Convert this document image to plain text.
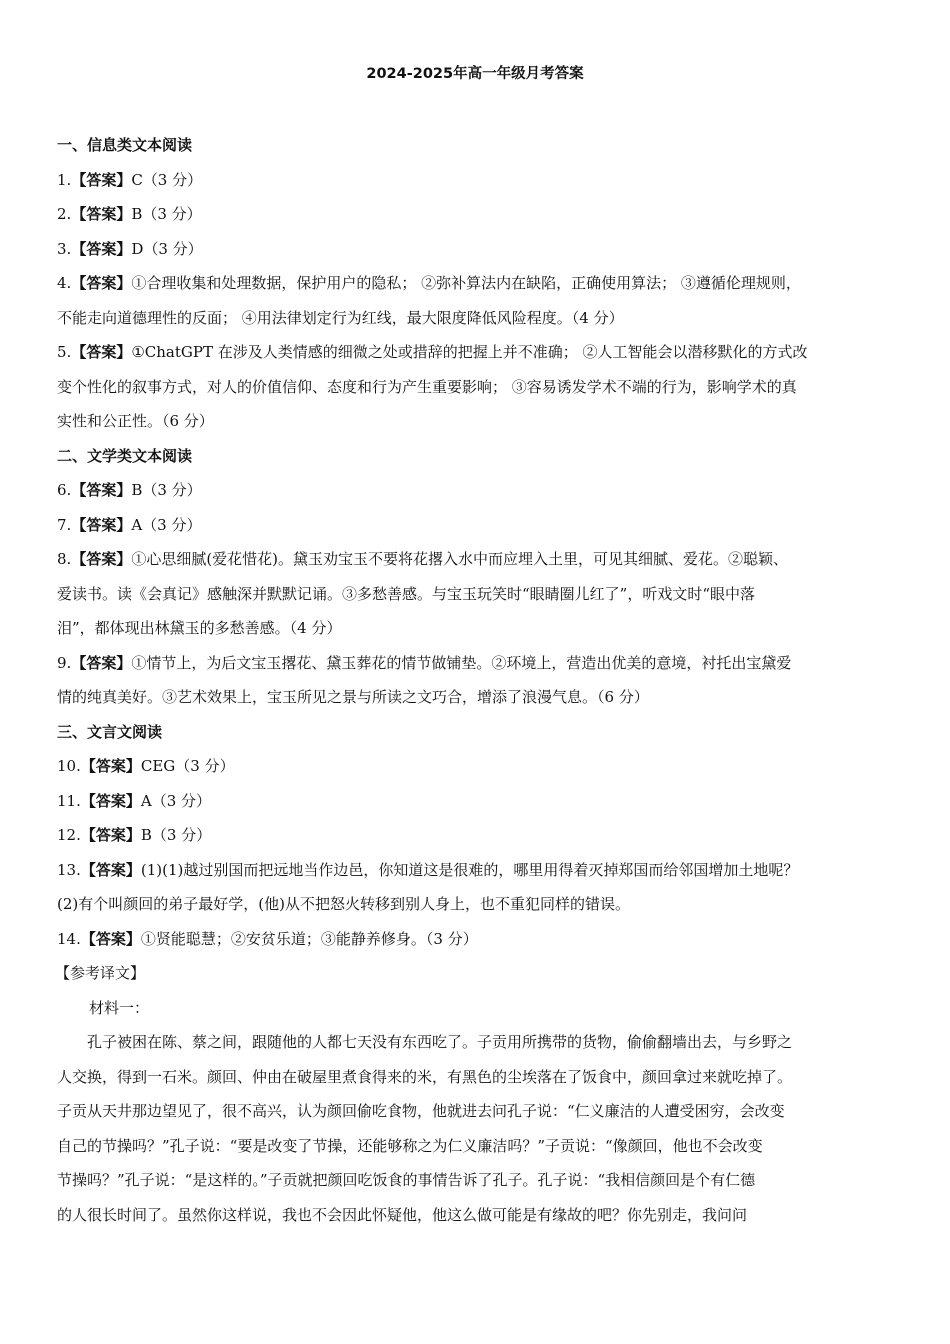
2024-2025年高一年级月考答案
一、信息类文本阅读
1.【答案】C（3 分）
2.【答案】B（3 分）
3.【答案】D（3 分）
4.【答案】①合理收集和处理数据，保护用户的隐私； ②弥补算法内在缺陷，正确使用算法； ③遵循伦理规则，
不能走向道德理性的反面； ④用法律划定行为红线，最大限度降低风险程度。（4 分）
5.【答案】①ChatGPT 在涉及人类情感的细微之处或措辞的把握上并不准确； ②人工智能会以潜移默化的方式改
变个性化的叙事方式，对人的价值信仰、态度和行为产生重要影响； ③容易诱发学术不端的行为，影响学术的真
实性和公正性。（6 分）
二、文学类文本阅读
6.【答案】B（3 分）
7.【答案】A（3 分）
8.【答案】①心思细腻(爱花惜花)。黛玉劝宝玉不要将花撂入水中而应埋入土里，可见其细腻、爱花。②聪颖、
爱读书。读《会真记》感触深并默默记诵。③多愁善感。与宝玉玩笑时“眼睛圈儿红了”，听戏文时“眼中落
泪”，都体现出林黛玉的多愁善感。（4 分）
9.【答案】①情节上，为后文宝玉撂花、黛玉葬花的情节做铺垫。②环境上，营造出优美的意境，衬托出宝黛爱
情的纯真美好。③艺术效果上，宝玉所见之景与所读之文巧合，增添了浪漫气息。（6 分）
三、文言文阅读
10.【答案】CEG（3 分）
11.【答案】A（3 分）
12.【答案】B（3 分）
13.【答案】(1)(1)越过别国而把远地当作边邑，你知道这是很难的，哪里用得着灭掉郑国而给邻国增加土地呢？
(2)有个叫颜回的弟子最好学，(他)从不把怒火转移到别人身上，也不重犯同样的错误。
14.【答案】①贤能聪慧；②安贫乐道；③能静养修身。（3 分）
【参考译文】
材料一：
孔子被困在陈、蔡之间，跟随他的人都七天没有东西吃了。子贡用所携带的货物，偷偷翻墙出去，与乡野之
人交换，得到一石米。颜回、仲由在破屋里煮食得来的米，有黑色的尘埃落在了饭食中，颜回拿过来就吃掉了。
子贡从天井那边望见了，很不高兴，认为颜回偷吃食物，他就进去问孔子说：“仁义廉洁的人遭受困穷，会改变
自己的节操吗？”孔子说：“要是改变了节操，还能够称之为仁义廉洁吗？”子贡说：“像颜回，他也不会改变
节操吗？”孔子说：“是这样的。”子贡就把颜回吃饭食的事情告诉了孔子。孔子说：“我相信颜回是个有仁德
的人很长时间了。虽然你这样说，我也不会因此怀疑他，他这么做可能是有缘故的吧？你先别走，我问问
